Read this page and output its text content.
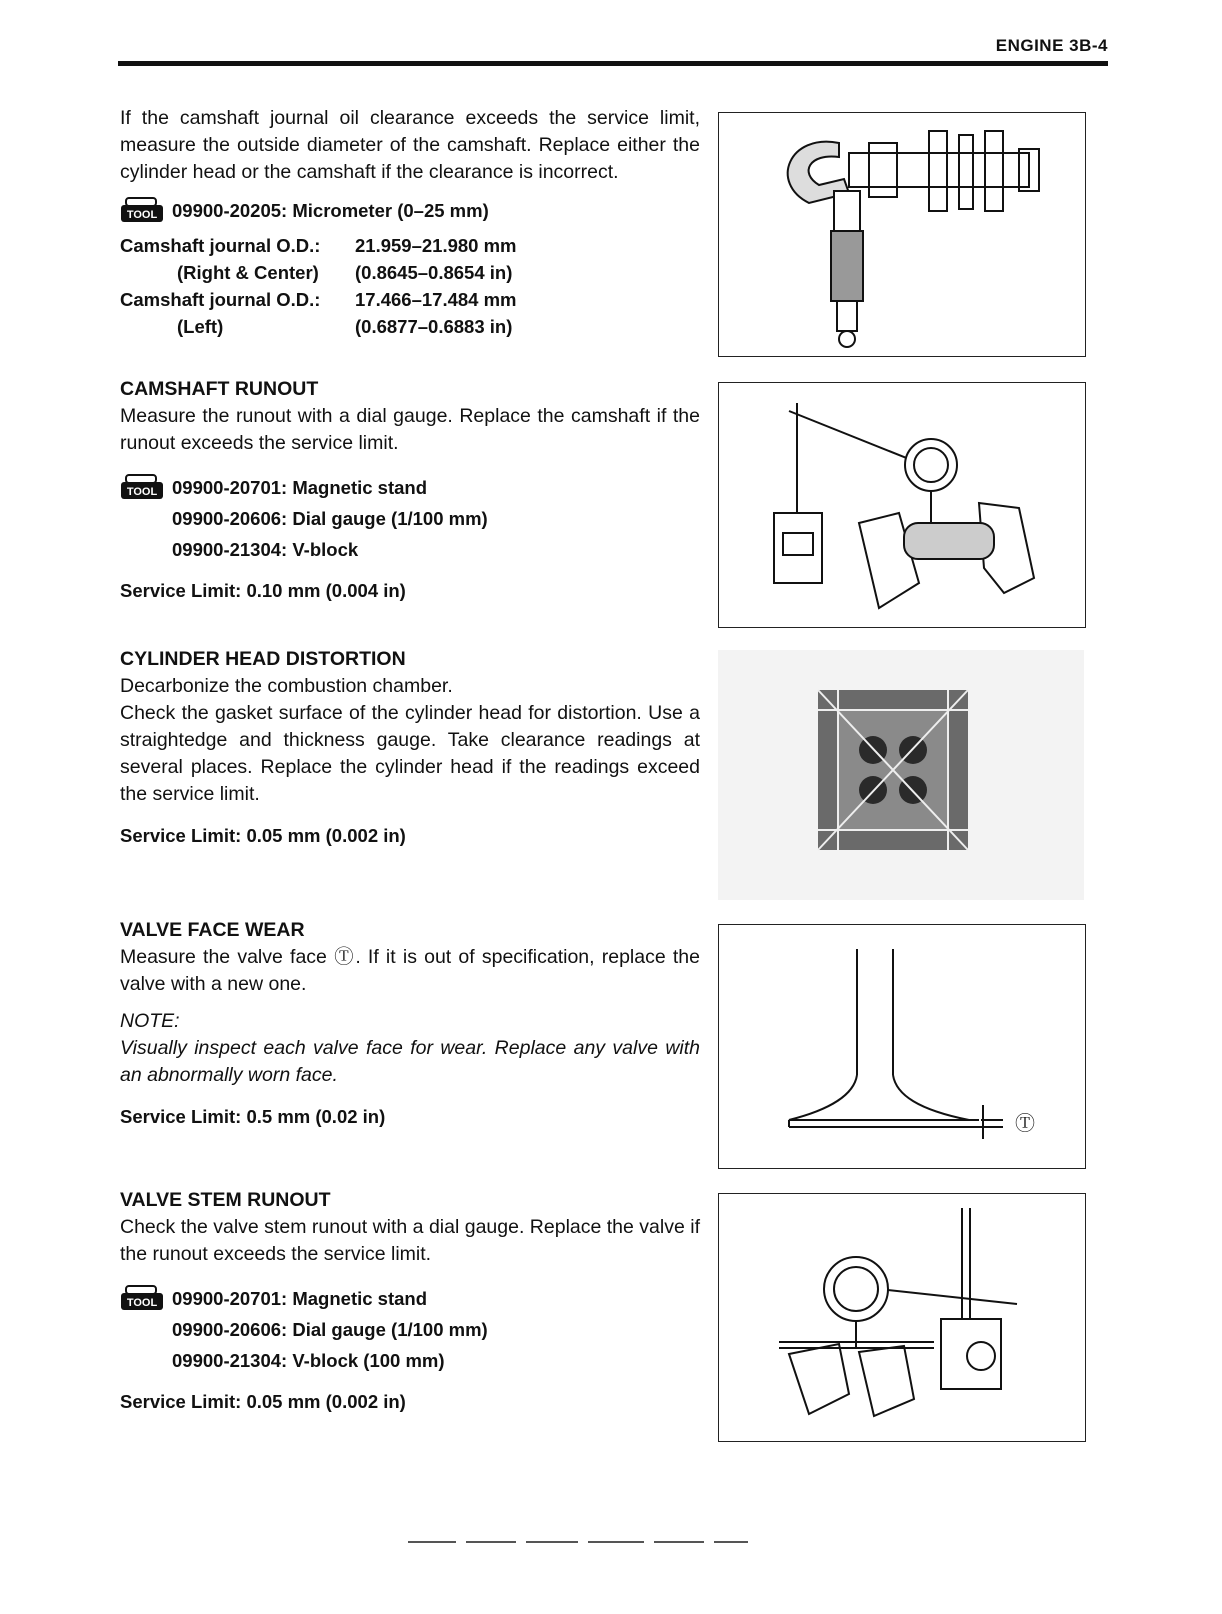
ENGINE 3B-4

If the camshaft journal oil clearance exceeds the service limit, measure the outside diameter of the camshaft. Replace either the cylinder head or the camshaft if the clearance is incorrect.

TOOL 09900-20205: Micrometer (0–25 mm)
Camshaft journal O.D.:	21.959–21.980 mm
(Right & Center)	(0.8645–0.8654 in)
Camshaft journal O.D.:	17.466–17.484 mm
(Left)	(0.6877–0.6883 in)
CAMSHAFT RUNOUT

Measure the runout with a dial gauge. Replace the camshaft if the runout exceeds the service limit.

TOOL 09900-20701: Magnetic stand
09900-20606: Dial gauge (1/100 mm)
09900-21304: V-block
Service Limit: 0.10 mm (0.004 in)
CYLINDER HEAD DISTORTION

Decarbonize the combustion chamber.

Check the gasket surface of the cylinder head for distortion. Use a straightedge and thickness gauge. Take clearance readings at several places. Replace the cylinder head if the readings exceed the service limit.

Service Limit: 0.05 mm (0.002 in)
VALVE FACE WEAR

Measure the valve face Ⓣ. If it is out of specification, replace the valve with a new one.

NOTE:

Visually inspect each valve face for wear. Replace any valve with an abnormally worn face.

Service Limit: 0.5 mm (0.02 in)
VALVE STEM RUNOUT

Check the valve stem runout with a dial gauge. Replace the valve if the runout exceeds the service limit.

TOOL 09900-20701: Magnetic stand
09900-20606: Dial gauge (1/100 mm)
09900-21304: V-block (100 mm)
Service Limit: 0.05 mm (0.002 in)
Ⓣ
